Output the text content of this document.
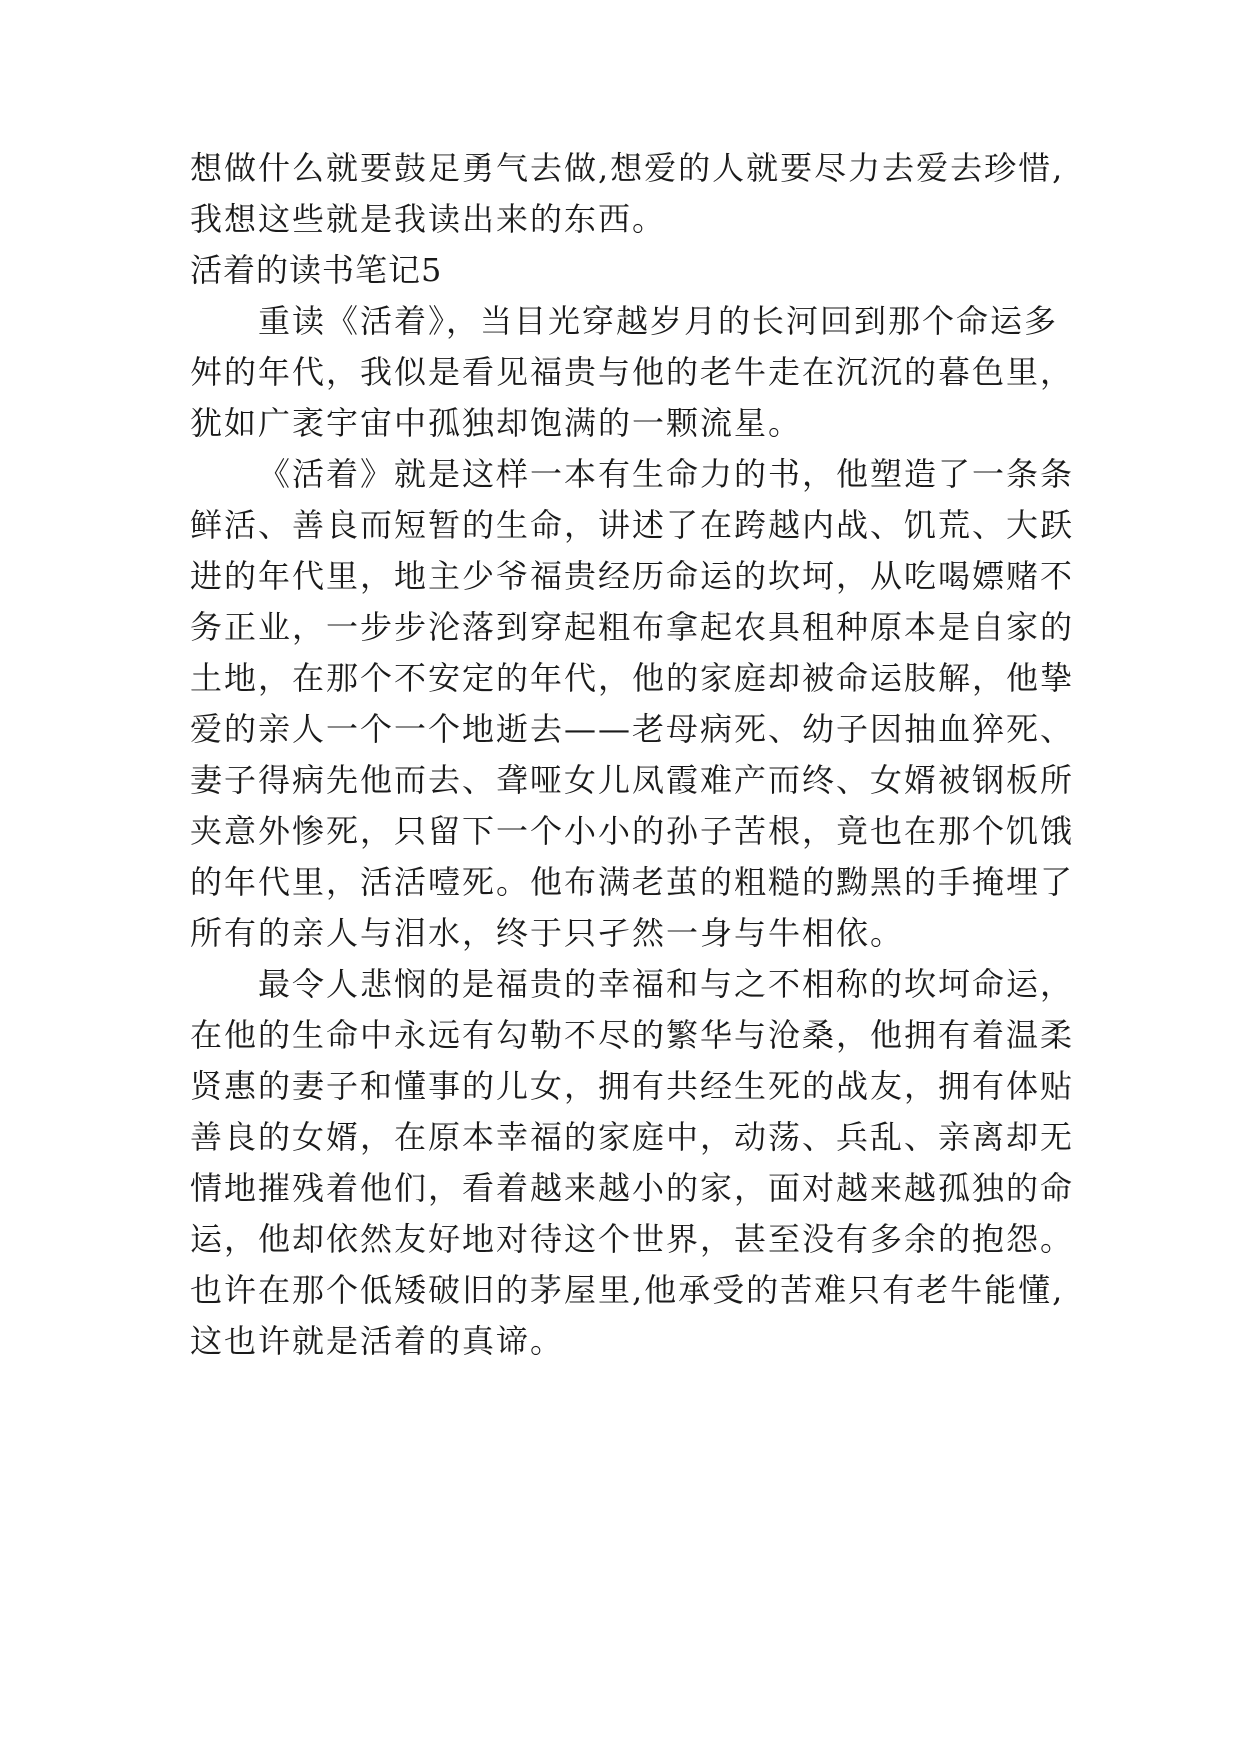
想做什么就要鼓足勇气去做,想爱的人就要尽力去爱去珍惜,
我想这些就是我读出来的东西。
活着的读书笔记5
重读《活着》，当目光穿越岁月的长河回到那个命运多
舛的年代，我似是看见福贵与他的老牛走在沉沉的暮色里，
犹如广袤宇宙中孤独却饱满的一颗流星。
《活着》就是这样一本有生命力的书，他塑造了一条条
鲜活、善良而短暂的生命，讲述了在跨越内战、饥荒、大跃
进的年代里，地主少爷福贵经历命运的坎坷，从吃喝嫖赌不
务正业，一步步沦落到穿起粗布拿起农具租种原本是自家的
土地，在那个不安定的年代，他的家庭却被命运肢解，他挚
爱的亲人一个一个地逝去——老母病死、幼子因抽血猝死、
妻子得病先他而去、聋哑女儿凤霞难产而终、女婿被钢板所
夹意外惨死，只留下一个小小的孙子苦根，竟也在那个饥饿
的年代里，活活噎死。他布满老茧的粗糙的黝黑的手掩埋了
所有的亲人与泪水，终于只孑然一身与牛相依。
最令人悲悯的是福贵的幸福和与之不相称的坎坷命运，
在他的生命中永远有勾勒不尽的繁华与沧桑，他拥有着温柔
贤惠的妻子和懂事的儿女，拥有共经生死的战友，拥有体贴
善良的女婿，在原本幸福的家庭中，动荡、兵乱、亲离却无
情地摧残着他们，看着越来越小的家，面对越来越孤独的命
运，他却依然友好地对待这个世界，甚至没有多余的抱怨。
也许在那个低矮破旧的茅屋里,他承受的苦难只有老牛能懂,
这也许就是活着的真谛。
